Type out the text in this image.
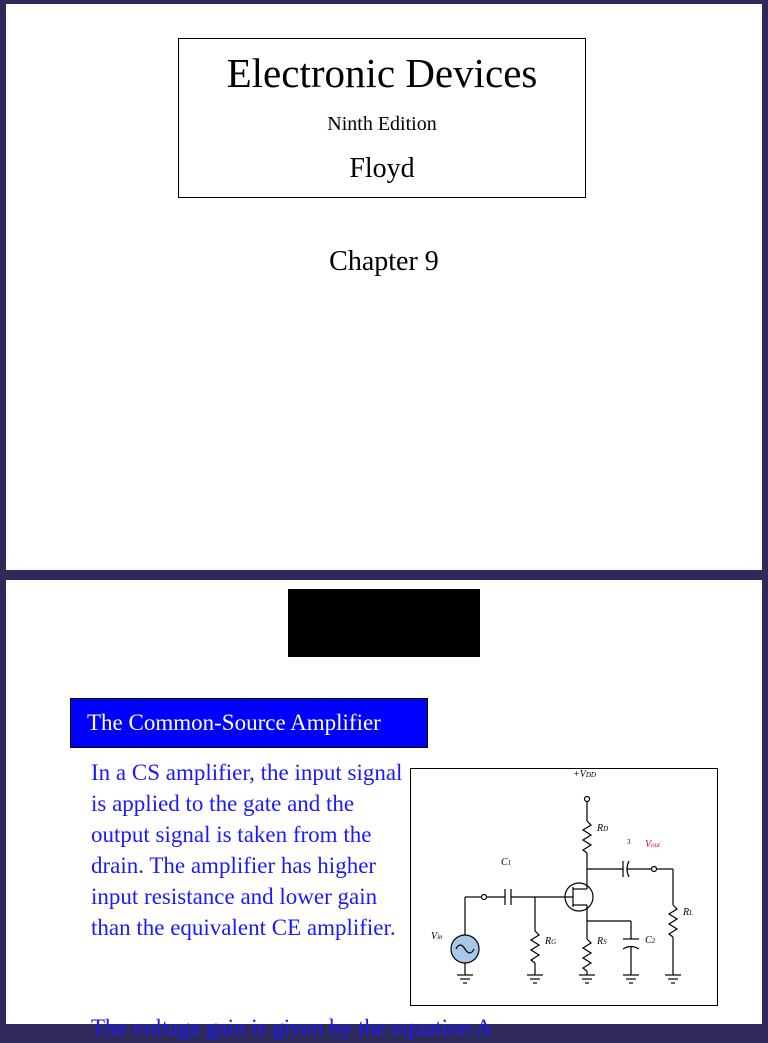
Electronic Devices
Ninth Edition
Floyd
Chapter 9
The Common-Source Amplifier
In a CS amplifier, the input signal is applied to the gate and the output signal is taken from the drain. The amplifier has higher input resistance and lower gain than the equivalent CE amplifier.
+VDD
RD
3 Vout
C1
RL
Vin	RG	RS	C2
The voltage gain is given by the equation A
